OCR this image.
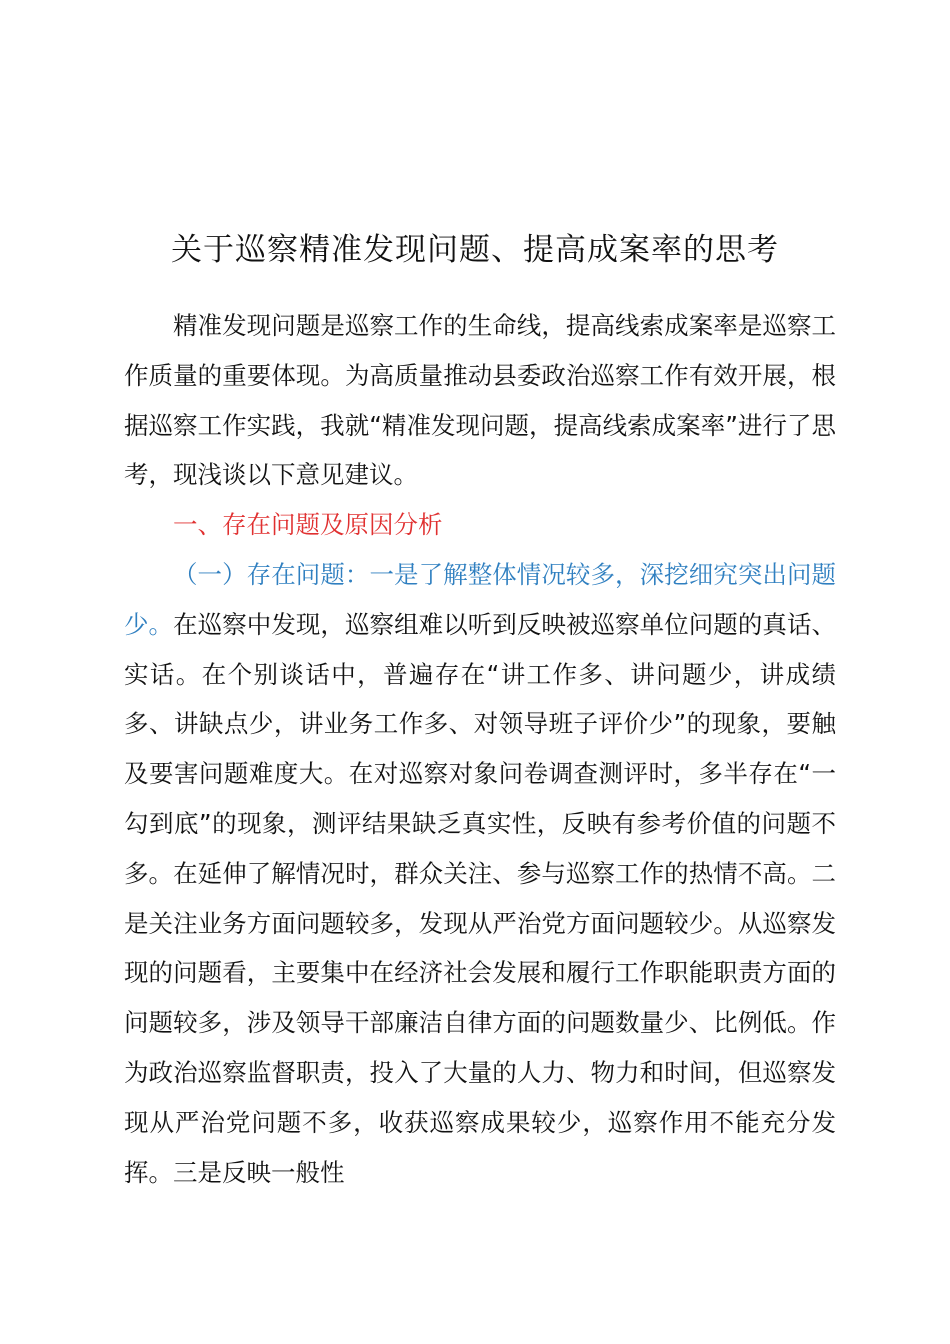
关于巡察精准发现问题、提高成案率的思考

精准发现问题是巡察工作的生命线，提高线索成案率是巡察工作质量的重要体现。为高质量推动县委政治巡察工作有效开展，根据巡察工作实践，我就“精准发现问题，提高线索成案率”进行了思考，现浅谈以下意见建议。

一、存在问题及原因分析

（一）存在问题：一是了解整体情况较多，深挖细究突出问题少。在巡察中发现，巡察组难以听到反映被巡察单位问题的真话、实话。在个别谈话中，普遍存在“讲工作多、讲问题少，讲成绩多、讲缺点少，讲业务工作多、对领导班子评价少”的现象，要触及要害问题难度大。在对巡察对象问卷调查测评时，多半存在“一勾到底”的现象，测评结果缺乏真实性，反映有参考价值的问题不多。在延伸了解情况时，群众关注、参与巡察工作的热情不高。二是关注业务方面问题较多，发现从严治党方面问题较少。从巡察发现的问题看，主要集中在经济社会发展和履行工作职能职责方面的问题较多，涉及领导干部廉洁自律方面的问题数量少、比例低。作为政治巡察监督职责，投入了大量的人力、物力和时间，但巡察发现从严治党问题不多，收获巡察成果较少，巡察作用不能充分发挥。三是反映一般性
